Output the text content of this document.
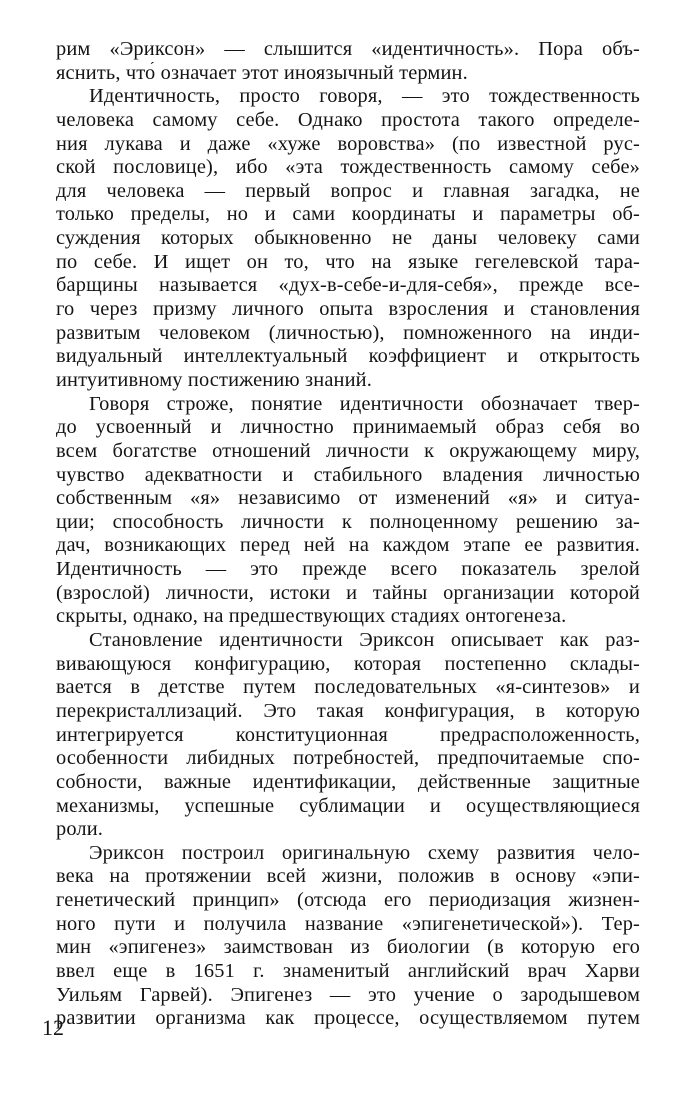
рим «Эриксон» — слышится «идентичность». Пора объ-
яснить, что́ означает этот иноязычный термин.
Идентичность, просто говоря, — это тождественность
человека самому себе. Однако простота такого определе-
ния лукава и даже «хуже воровства» (по известной рус-
ской пословице), ибо «эта тождественность самому себе»
для человека — первый вопрос и главная загадка, не
только пределы, но и сами координаты и параметры об-
суждения которых обыкновенно не даны человеку сами
по себе. И ищет он то, что на языке гегелевской тара-
барщины называется «дух-в-себе-и-для-себя», прежде все-
го через призму личного опыта взросления и становления
развитым человеком (личностью), помноженного на инди-
видуальный интеллектуальный коэффициент и открытость
интуитивному постижению знаний.
Говоря строже, понятие идентичности обозначает твер-
до усвоенный и личностно принимаемый образ себя во
всем богатстве отношений личности к окружающему миру,
чувство адекватности и стабильного владения личностью
собственным «я» независимо от изменений «я» и ситуа-
ции; способность личности к полноценному решению за-
дач, возникающих перед ней на каждом этапе ее развития.
Идентичность — это прежде всего показатель зрелой
(взрослой) личности, истоки и тайны организации которой
скрыты, однако, на предшествующих стадиях онтогенеза.
Становление идентичности Эриксон описывает как раз-
вивающуюся конфигурацию, которая постепенно склады-
вается в детстве путем последовательных «я-синтезов» и
перекристаллизаций. Это такая конфигурация, в которую
интегрируется конституционная предрасположенность,
особенности либидных потребностей, предпочитаемые спо-
собности, важные идентификации, действенные защитные
механизмы, успешные сублимации и осуществляющиеся
роли.
Эриксон построил оригинальную схему развития чело-
века на протяжении всей жизни, положив в основу «эпи-
генетический принцип» (отсюда его периодизация жизнен-
ного пути и получила название «эпигенетической»). Тер-
мин «эпигенез» заимствован из биологии (в которую его
ввел еще в 1651 г. знаменитый английский врач Харви
Уильям Гарвей). Эпигенез — это учение о зародышевом
развитии организма как процессе, осуществляемом путем
12
